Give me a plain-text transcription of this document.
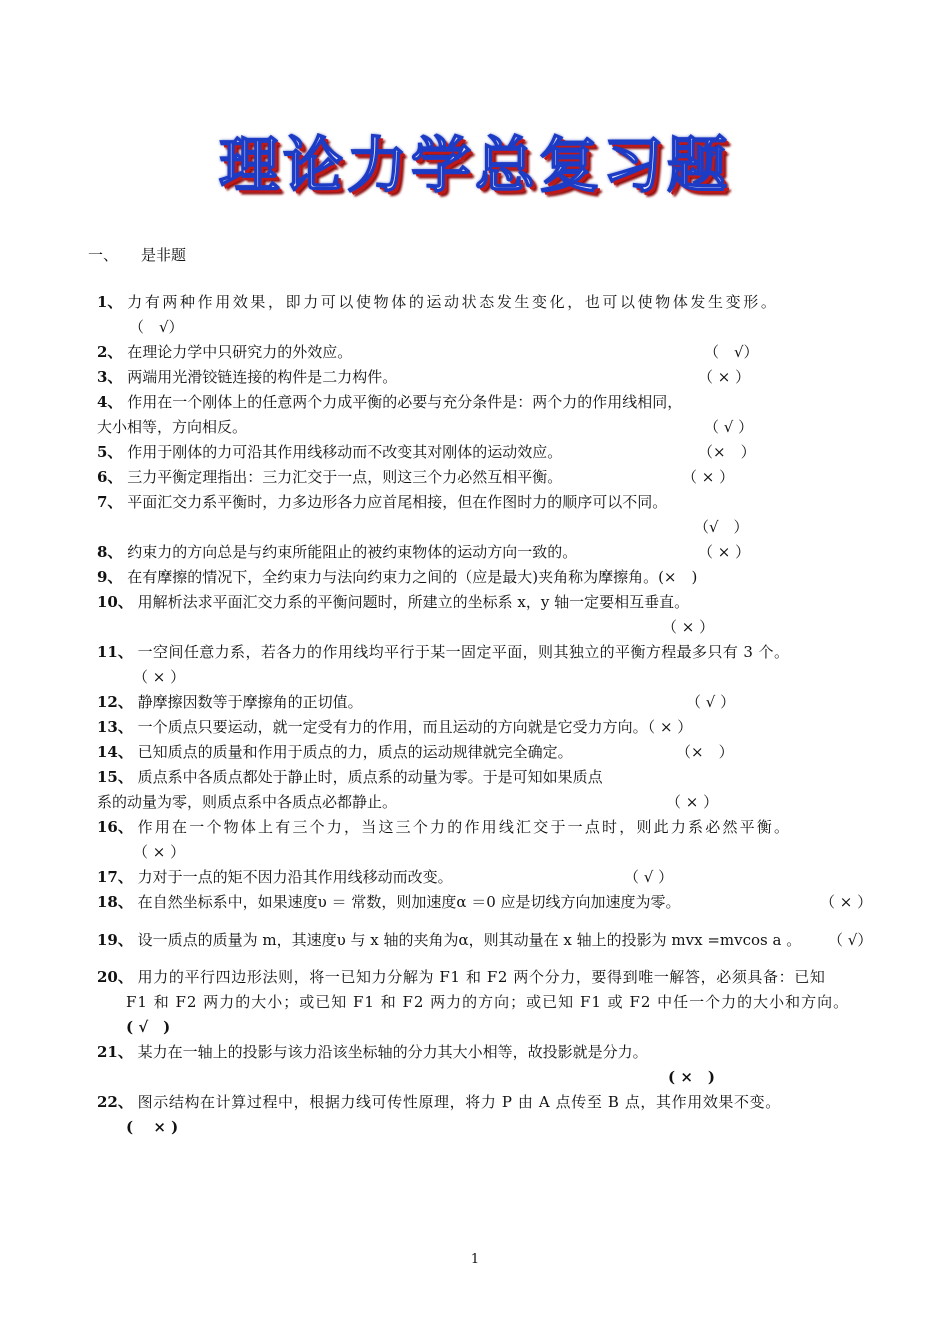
理论力学总复习题
一、 是非题
1、 力有两种作用效果，即力可以使物体的运动状态发生变化，也可以使物体发生变形。
（　√）
2、 在理论力学中只研究力的外效应。	（　√）
3、 两端用光滑铰链连接的构件是二力构件。	（ × ）
4、 作用在一个刚体上的任意两个力成平衡的必要与充分条件是：两个力的作用线相同，
大小相等，方向相反。	（ √ ）
5、 作用于刚体的力可沿其作用线移动而不改变其对刚体的运动效应。	（×　）
6、 三力平衡定理指出：三力汇交于一点，则这三个力必然互相平衡。	（ × ）
7、 平面汇交力系平衡时，力多边形各力应首尾相接，但在作图时力的顺序可以不同。
（√　）
8、 约束力的方向总是与约束所能阻止的被约束物体的运动方向一致的。	（ × ）
9、 在有摩擦的情况下，全约束力与法向约束力之间的（应是最大)夹角称为摩擦角。(×　)
10、 用解析法求平面汇交力系的平衡问题时，所建立的坐标系 x，y 轴一定要相互垂直。
（ × ）
11、 一空间任意力系，若各力的作用线均平行于某一固定平面，则其独立的平衡方程最多只有 3 个。
（ × ）
12、 静摩擦因数等于摩擦角的正切值。	（ √ ）
13、 一个质点只要运动，就一定受有力的作用，而且运动的方向就是它受力方向。（ × ）
14、 已知质点的质量和作用于质点的力，质点的运动规律就完全确定。	（×　）
15、 质点系中各质点都处于静止时，质点系的动量为零。于是可知如果质点
系的动量为零，则质点系中各质点必都静止。	（ × ）
16、 作用在一个物体上有三个力，当这三个力的作用线汇交于一点时，则此力系必然平衡。
（ × ）
17、 力对于一点的矩不因力沿其作用线移动而改变。	（ √ ）
18、 在自然坐标系中，如果速度υ ＝ 常数，则加速度α ＝0 应是切线方向加速度为零。	（ × ）
19、 设一质点的质量为 m，其速度υ 与 x 轴的夹角为α，则其动量在 x 轴上的投影为 mvx =mvcos a 。 （ √）
20、 用力的平行四边形法则，将一已知力分解为 F1 和 F2 两个分力，要得到唯一解答，必须具备：已知
F1 和 F2 两力的大小；或已知 F1 和 F2 两力的方向；或已知 F1 或 F2 中任一个力的大小和方向。
( √　)
21、 某力在一轴上的投影与该力沿该坐标轴的分力其大小相等，故投影就是分力。
( ×　)
22、 图示结构在计算过程中，根据力线可传性原理，将力 P 由 A 点传至 B 点，其作用效果不变。
(　 × )
1
